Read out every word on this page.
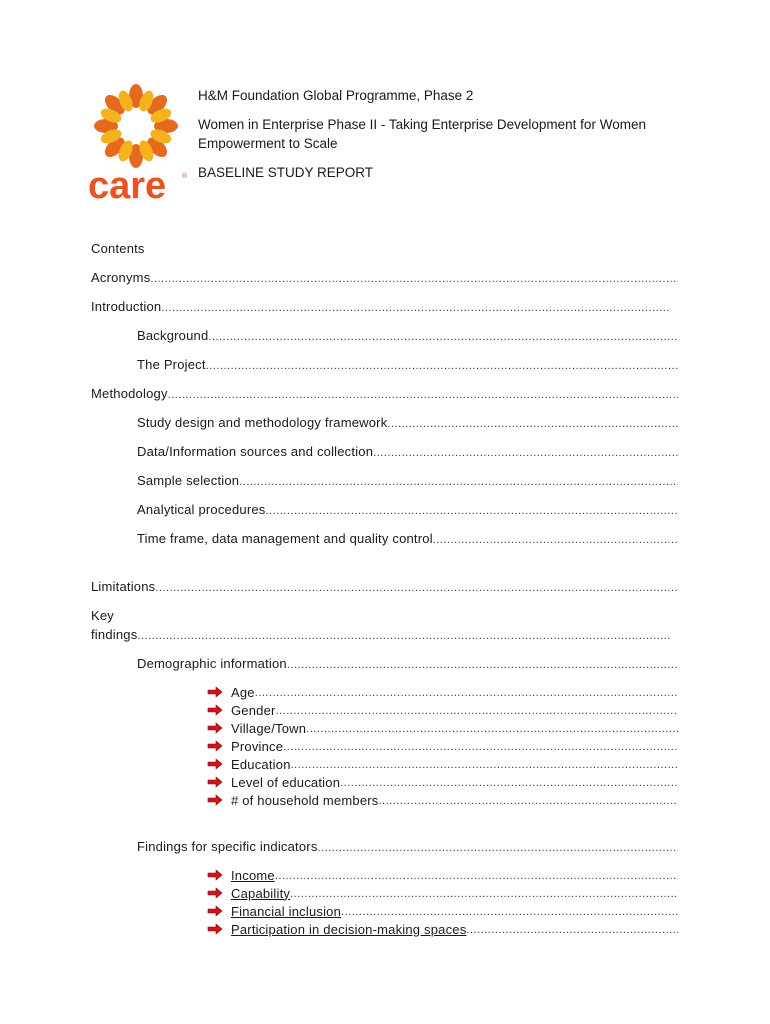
care ®

H&M Foundation Global Programme, Phase 2

Women in Enterprise Phase II - Taking Enterprise Development for Women Empowerment to Scale

BASELINE STUDY REPORT

Contents
Acronyms
.....
Introduction
.....
Background
.....
The Project
.....
Methodology
.....
Study design and methodology framework
.....
Data/Information sources and collection
.....
Sample selection
.....
Analytical procedures
.....
Time frame, data management and quality control
.....
Limitations
.....
Key
findings
.....
Demographic information
.....
Age
.....
Gender
.....
Village/Town
.....
Province
.....
Education
.....
Level of education
.....
# of household members
.....
Findings for specific indicators
.....
Income
.....
Capability
.....
Financial inclusion
.....
Participation in decision-making spaces
.....
